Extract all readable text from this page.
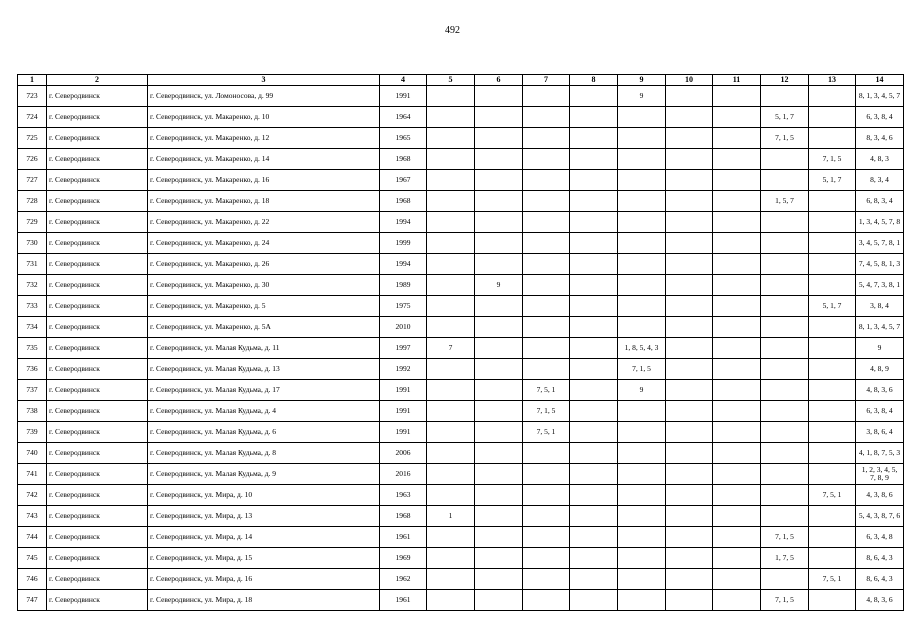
492
1	2	3	4	5	6	7	8	9	10	11	12	13	14
723	г. Северодвинск	г. Северодвинск, ул. Ломоносова, д. 99	1991					9					8, 1, 3, 4, 5, 7
724	г. Северодвинск	г. Северодвинск, ул. Макаренко, д. 10	1964								5, 1, 7		6, 3, 8, 4
725	г. Северодвинск	г. Северодвинск, ул. Макаренко, д. 12	1965								7, 1, 5		8, 3, 4, 6
726	г. Северодвинск	г. Северодвинск, ул. Макаренко, д. 14	1968									7, 1, 5	4, 8, 3
727	г. Северодвинск	г. Северодвинск, ул. Макаренко, д. 16	1967									5, 1, 7	8, 3, 4
728	г. Северодвинск	г. Северодвинск, ул. Макаренко, д. 18	1968								1, 5, 7		6, 8, 3, 4
729	г. Северодвинск	г. Северодвинск, ул. Макаренко, д. 22	1994										1, 3, 4, 5, 7, 8
730	г. Северодвинск	г. Северодвинск, ул. Макаренко, д. 24	1999										3, 4, 5, 7, 8, 1
731	г. Северодвинск	г. Северодвинск, ул. Макаренко, д. 26	1994										7, 4, 5, 8, 1, 3
732	г. Северодвинск	г. Северодвинск, ул. Макаренко, д. 30	1989		9								5, 4, 7, 3, 8, 1
733	г. Северодвинск	г. Северодвинск, ул. Макаренко, д. 5	1975									5, 1, 7	3, 8, 4
734	г. Северодвинск	г. Северодвинск, ул. Макаренко, д. 5А	2010										8, 1, 3, 4, 5, 7
735	г. Северодвинск	г. Северодвинск, ул. Малая Кудьма, д. 11	1997	7				1, 8, 5, 4, 3					9
736	г. Северодвинск	г. Северодвинск, ул. Малая Кудьма, д. 13	1992					7, 1, 5					4, 8, 9
737	г. Северодвинск	г. Северодвинск, ул. Малая Кудьма, д. 17	1991			7, 5, 1		9					4, 8, 3, 6
738	г. Северодвинск	г. Северодвинск, ул. Малая Кудьма, д. 4	1991			7, 1, 5							6, 3, 8, 4
739	г. Северодвинск	г. Северодвинск, ул. Малая Кудьма, д. 6	1991			7, 5, 1							3, 8, 6, 4
740	г. Северодвинск	г. Северодвинск, ул. Малая Кудьма, д. 8	2006										4, 1, 8, 7, 5, 3
741	г. Северодвинск	г. Северодвинск, ул. Малая Кудьма, д. 9	2016										1, 2, 3, 4, 5, 7, 8, 9
742	г. Северодвинск	г. Северодвинск, ул. Мира, д. 10	1963									7, 5, 1	4, 3, 8, 6
743	г. Северодвинск	г. Северодвинск, ул. Мира, д. 13	1968	1									5, 4, 3, 8, 7, 6
744	г. Северодвинск	г. Северодвинск, ул. Мира, д. 14	1961								7, 1, 5		6, 3, 4, 8
745	г. Северодвинск	г. Северодвинск, ул. Мира, д. 15	1969								1, 7, 5		8, 6, 4, 3
746	г. Северодвинск	г. Северодвинск, ул. Мира, д. 16	1962									7, 5, 1	8, 6, 4, 3
747	г. Северодвинск	г. Северодвинск, ул. Мира, д. 18	1961								7, 1, 5		4, 8, 3, 6
